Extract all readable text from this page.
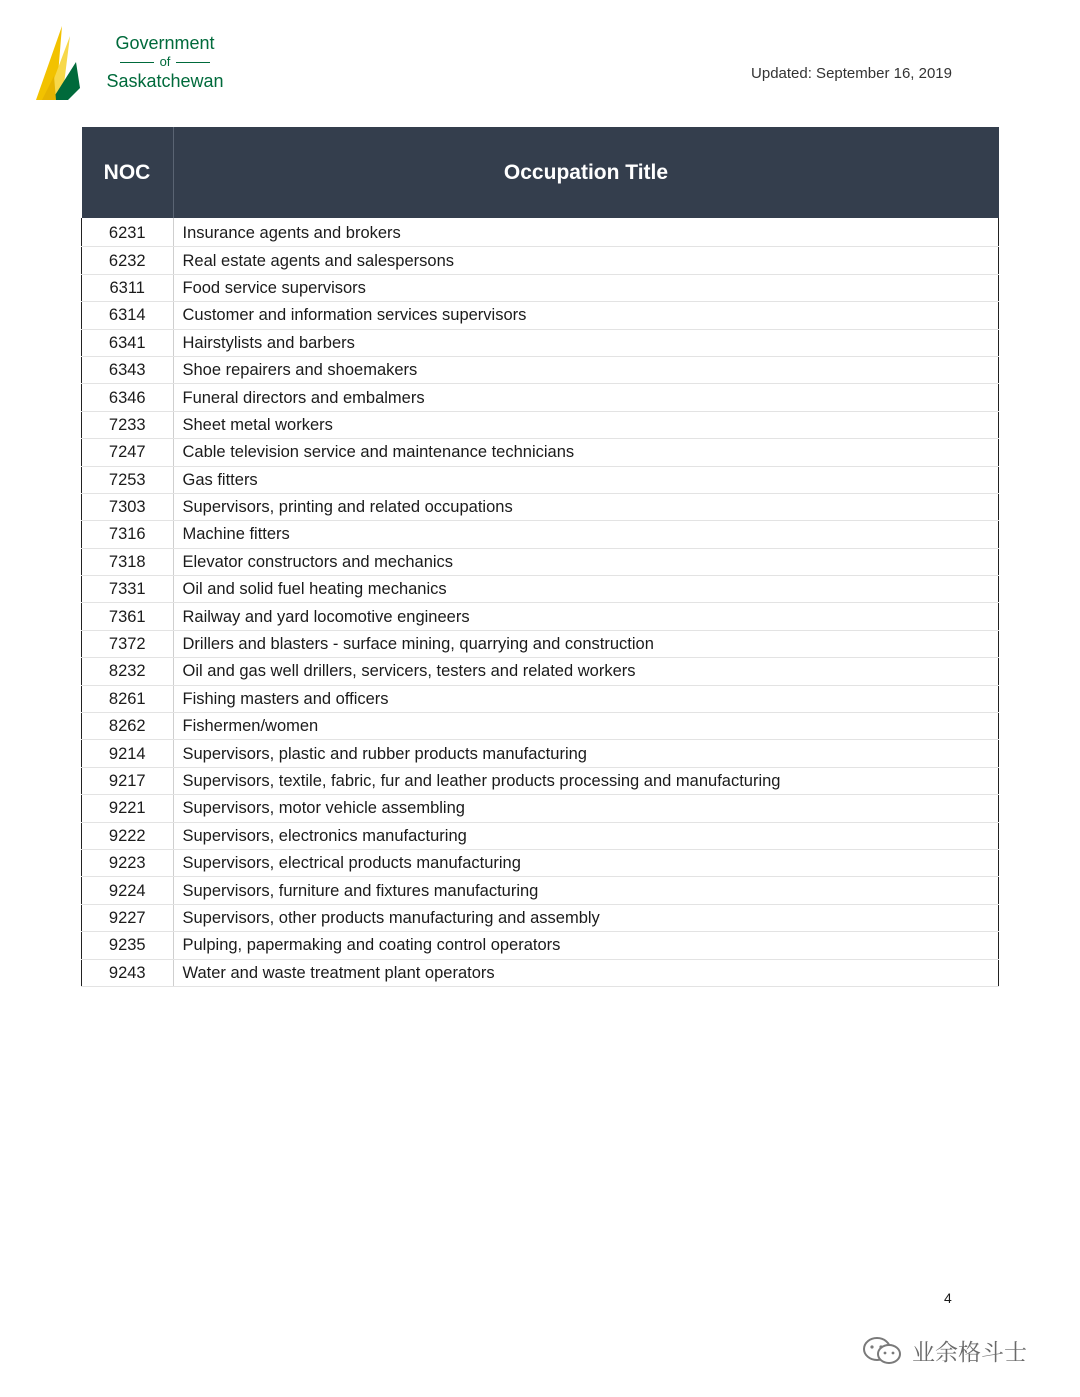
Government
of
Saskatchewan	Updated: September 16, 2019
NOC	Occupation Title
6231	Insurance agents and brokers
6232	Real estate agents and salespersons
6311	Food service supervisors
6314	Customer and information services supervisors
6341	Hairstylists and barbers
6343	Shoe repairers and shoemakers
6346	Funeral directors and embalmers
7233	Sheet metal workers
7247	Cable television service and maintenance technicians
7253	Gas fitters
7303	Supervisors, printing and related occupations
7316	Machine fitters
7318	Elevator constructors and mechanics
7331	Oil and solid fuel heating mechanics
7361	Railway and yard locomotive engineers
7372	Drillers and blasters - surface mining, quarrying and construction
8232	Oil and gas well drillers, servicers, testers and related workers
8261	Fishing masters and officers
8262	Fishermen/women
9214	Supervisors, plastic and rubber products manufacturing
9217	Supervisors, textile, fabric, fur and leather products processing and manufacturing
9221	Supervisors, motor vehicle assembling
9222	Supervisors, electronics manufacturing
9223	Supervisors, electrical products manufacturing
9224	Supervisors, furniture and fixtures manufacturing
9227	Supervisors, other products manufacturing and assembly
9235	Pulping, papermaking and coating control operators
9243	Water and waste treatment plant operators
4
业余格斗士
